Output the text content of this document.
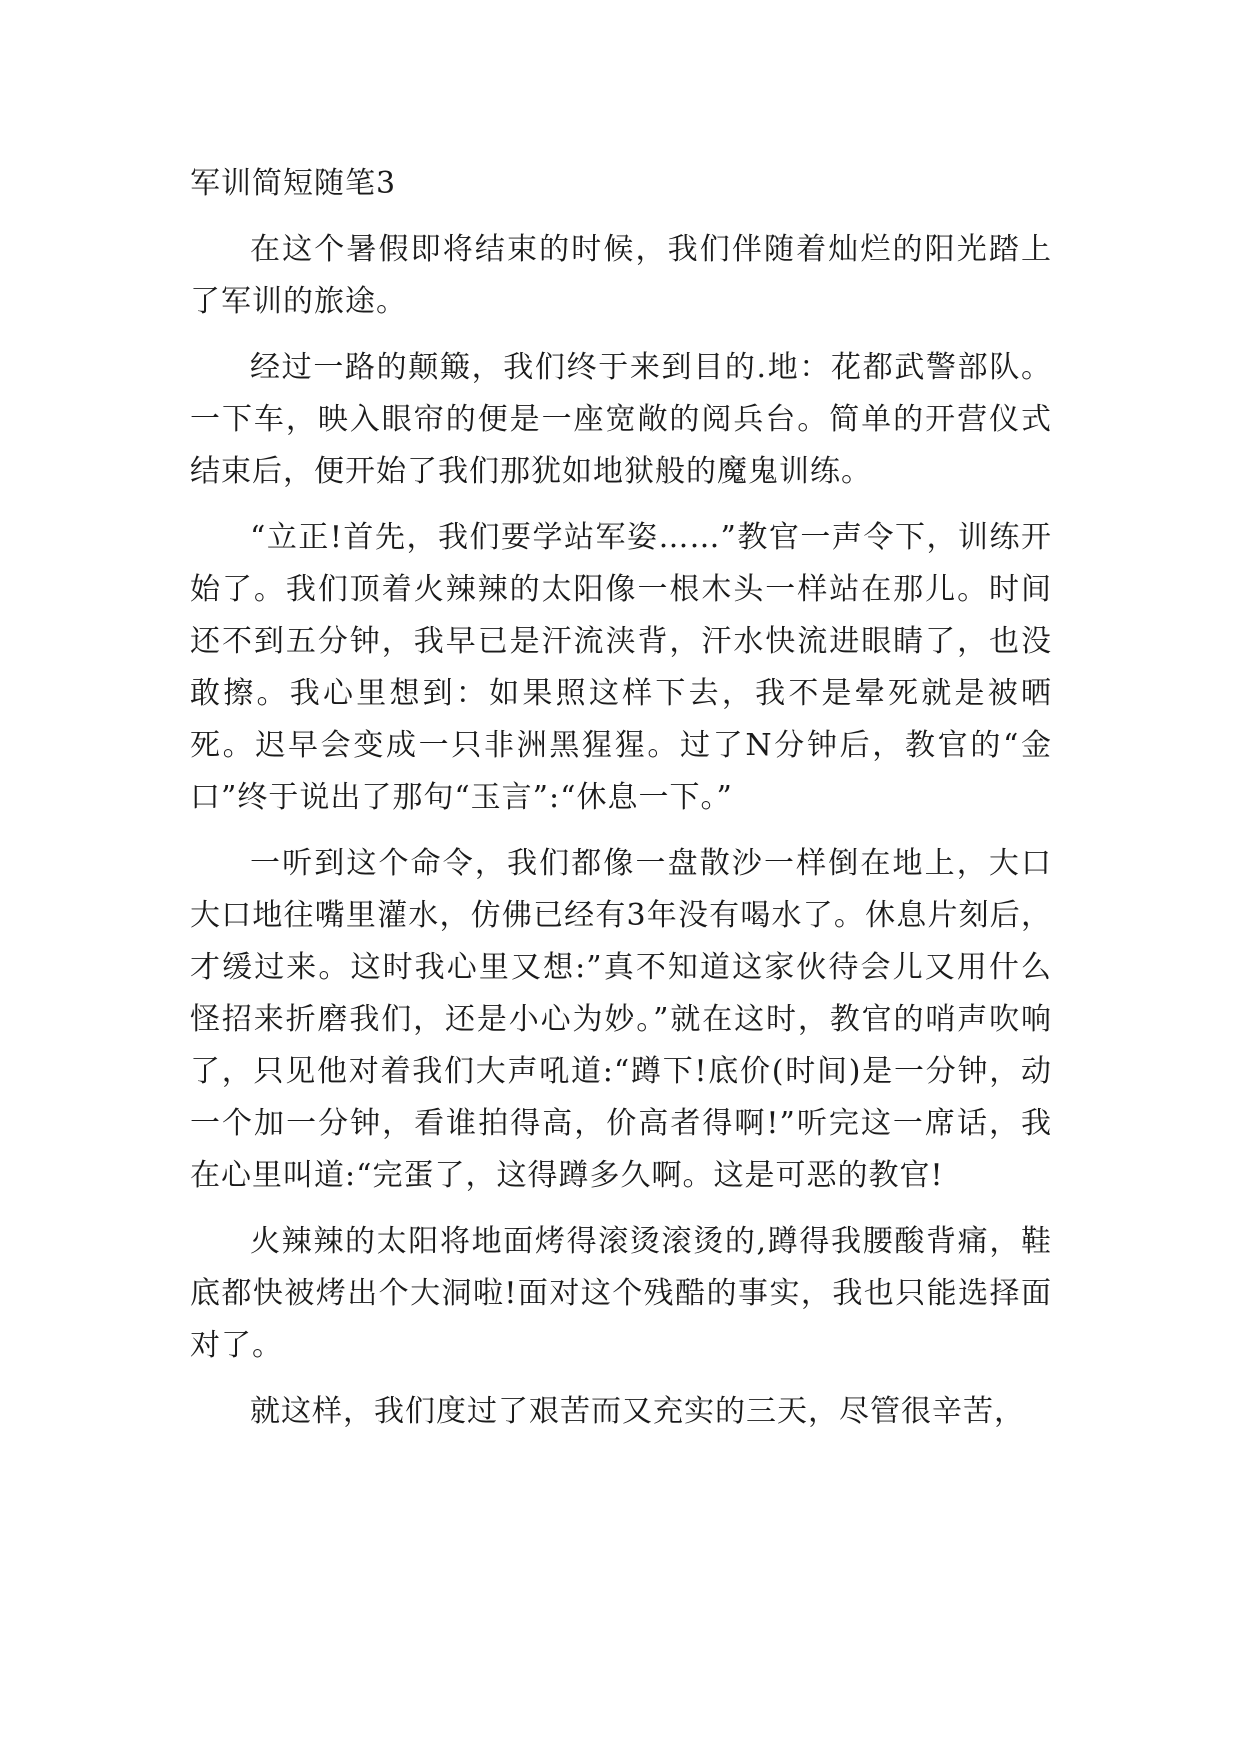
军训简短随笔3

在这个暑假即将结束的时候，我们伴随着灿烂的阳光踏上了军训的旅途。

经过一路的颠簸，我们终于来到目的.地：花都武警部队。一下车，映入眼帘的便是一座宽敞的阅兵台。简单的开营仪式结束后，便开始了我们那犹如地狱般的魔鬼训练。

“立正!首先，我们要学站军姿……”教官一声令下，训练开始了。我们顶着火辣辣的太阳像一根木头一样站在那儿。时间还不到五分钟，我早已是汗流浃背，汗水快流进眼睛了，也没敢擦。我心里想到：如果照这样下去，我不是晕死就是被晒死。迟早会变成一只非洲黑猩猩。过了N分钟后，教官的“金口”终于说出了那句“玉言”:“休息一下。”

一听到这个命令，我们都像一盘散沙一样倒在地上，大口大口地往嘴里灌水，仿佛已经有3年没有喝水了。休息片刻后，才缓过来。这时我心里又想:”真不知道这家伙待会儿又用什么怪招来折磨我们，还是小心为妙。”就在这时，教官的哨声吹响了，只见他对着我们大声吼道:“蹲下!底价(时间)是一分钟，动一个加一分钟，看谁拍得高，价高者得啊!”听完这一席话，我在心里叫道:“完蛋了，这得蹲多久啊。这是可恶的教官!

火辣辣的太阳将地面烤得滚烫滚烫的,蹲得我腰酸背痛，鞋底都快被烤出个大洞啦!面对这个残酷的事实，我也只能选择面对了。

就这样，我们度过了艰苦而又充实的三天，尽管很辛苦，
